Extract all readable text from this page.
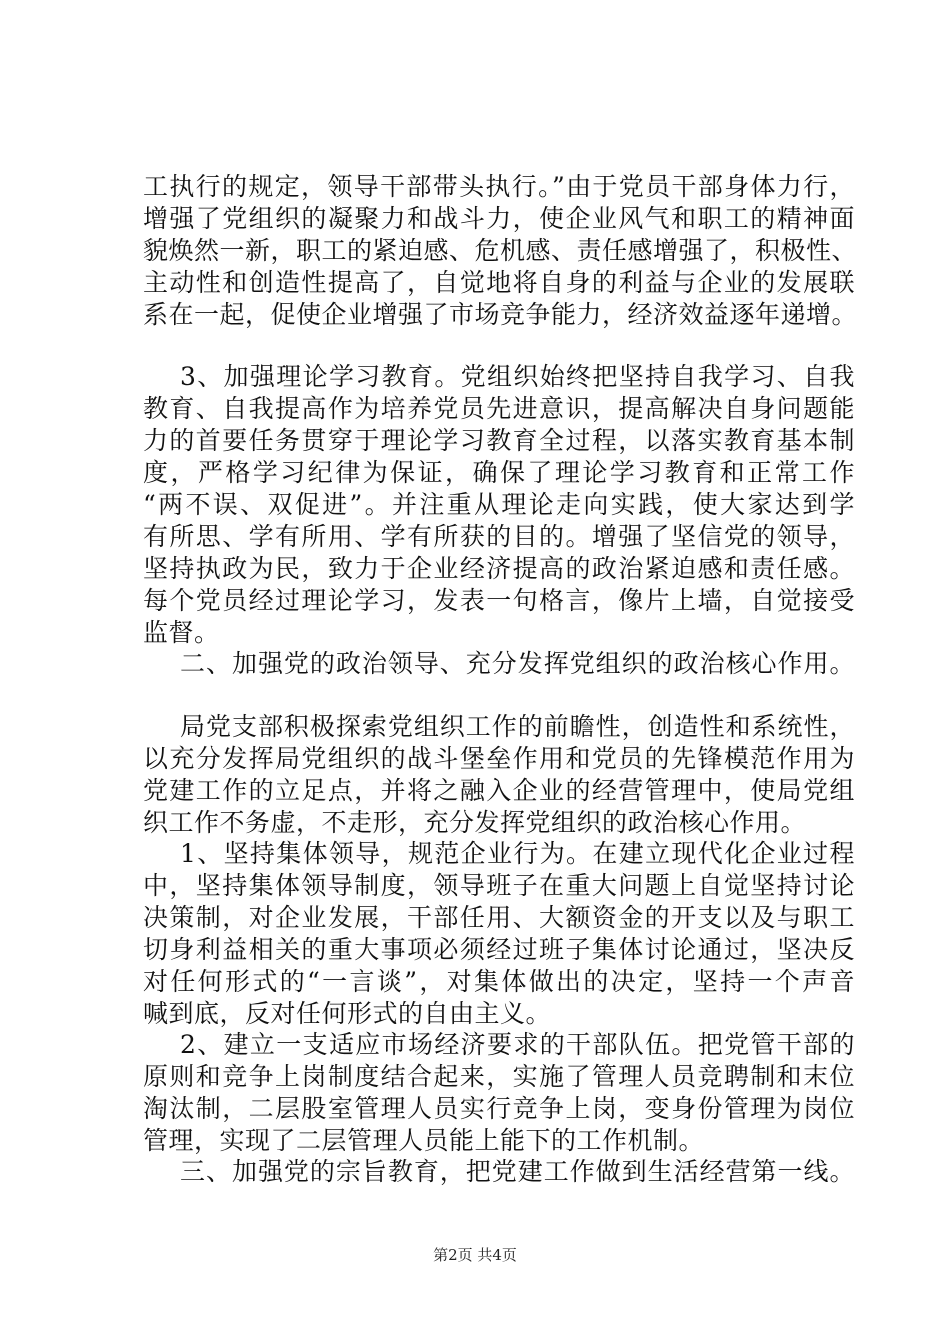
工执行的规定，领导干部带头执行。”由于党员干部身体力行，
增强了党组织的凝聚力和战斗力，使企业风气和职工的精神面
貌焕然一新，职工的紧迫感、危机感、责任感增强了，积极性、
主动性和创造性提高了，自觉地将自身的利益与企业的发展联
系在一起，促使企业增强了市场竞争能力，经济效益逐年递增。
3、加强理论学习教育。党组织始终把坚持自我学习、自我
教育、自我提高作为培养党员先进意识，提高解决自身问题能
力的首要任务贯穿于理论学习教育全过程，以落实教育基本制
度，严格学习纪律为保证，确保了理论学习教育和正常工作
“两不误、双促进”。并注重从理论走向实践，使大家达到学
有所思、学有所用、学有所获的目的。增强了坚信党的领导，
坚持执政为民，致力于企业经济提高的政治紧迫感和责任感。
每个党员经过理论学习，发表一句格言，像片上墙，自觉接受
监督。
二、加强党的政治领导、充分发挥党组织的政治核心作用。
局党支部积极探索党组织工作的前瞻性，创造性和系统性，
以充分发挥局党组织的战斗堡垒作用和党员的先锋模范作用为
党建工作的立足点，并将之融入企业的经营管理中，使局党组
织工作不务虚，不走形，充分发挥党组织的政治核心作用。
1、坚持集体领导，规范企业行为。在建立现代化企业过程
中，坚持集体领导制度，领导班子在重大问题上自觉坚持讨论
决策制，对企业发展，干部任用、大额资金的开支以及与职工
切身利益相关的重大事项必须经过班子集体讨论通过，坚决反
对任何形式的“一言谈”，对集体做出的决定，坚持一个声音
喊到底，反对任何形式的自由主义。
2、建立一支适应市场经济要求的干部队伍。把党管干部的
原则和竞争上岗制度结合起来，实施了管理人员竞聘制和末位
淘汰制，二层股室管理人员实行竞争上岗，变身份管理为岗位
管理，实现了二层管理人员能上能下的工作机制。
三、加强党的宗旨教育，把党建工作做到生活经营第一线。
第2页 共4页
